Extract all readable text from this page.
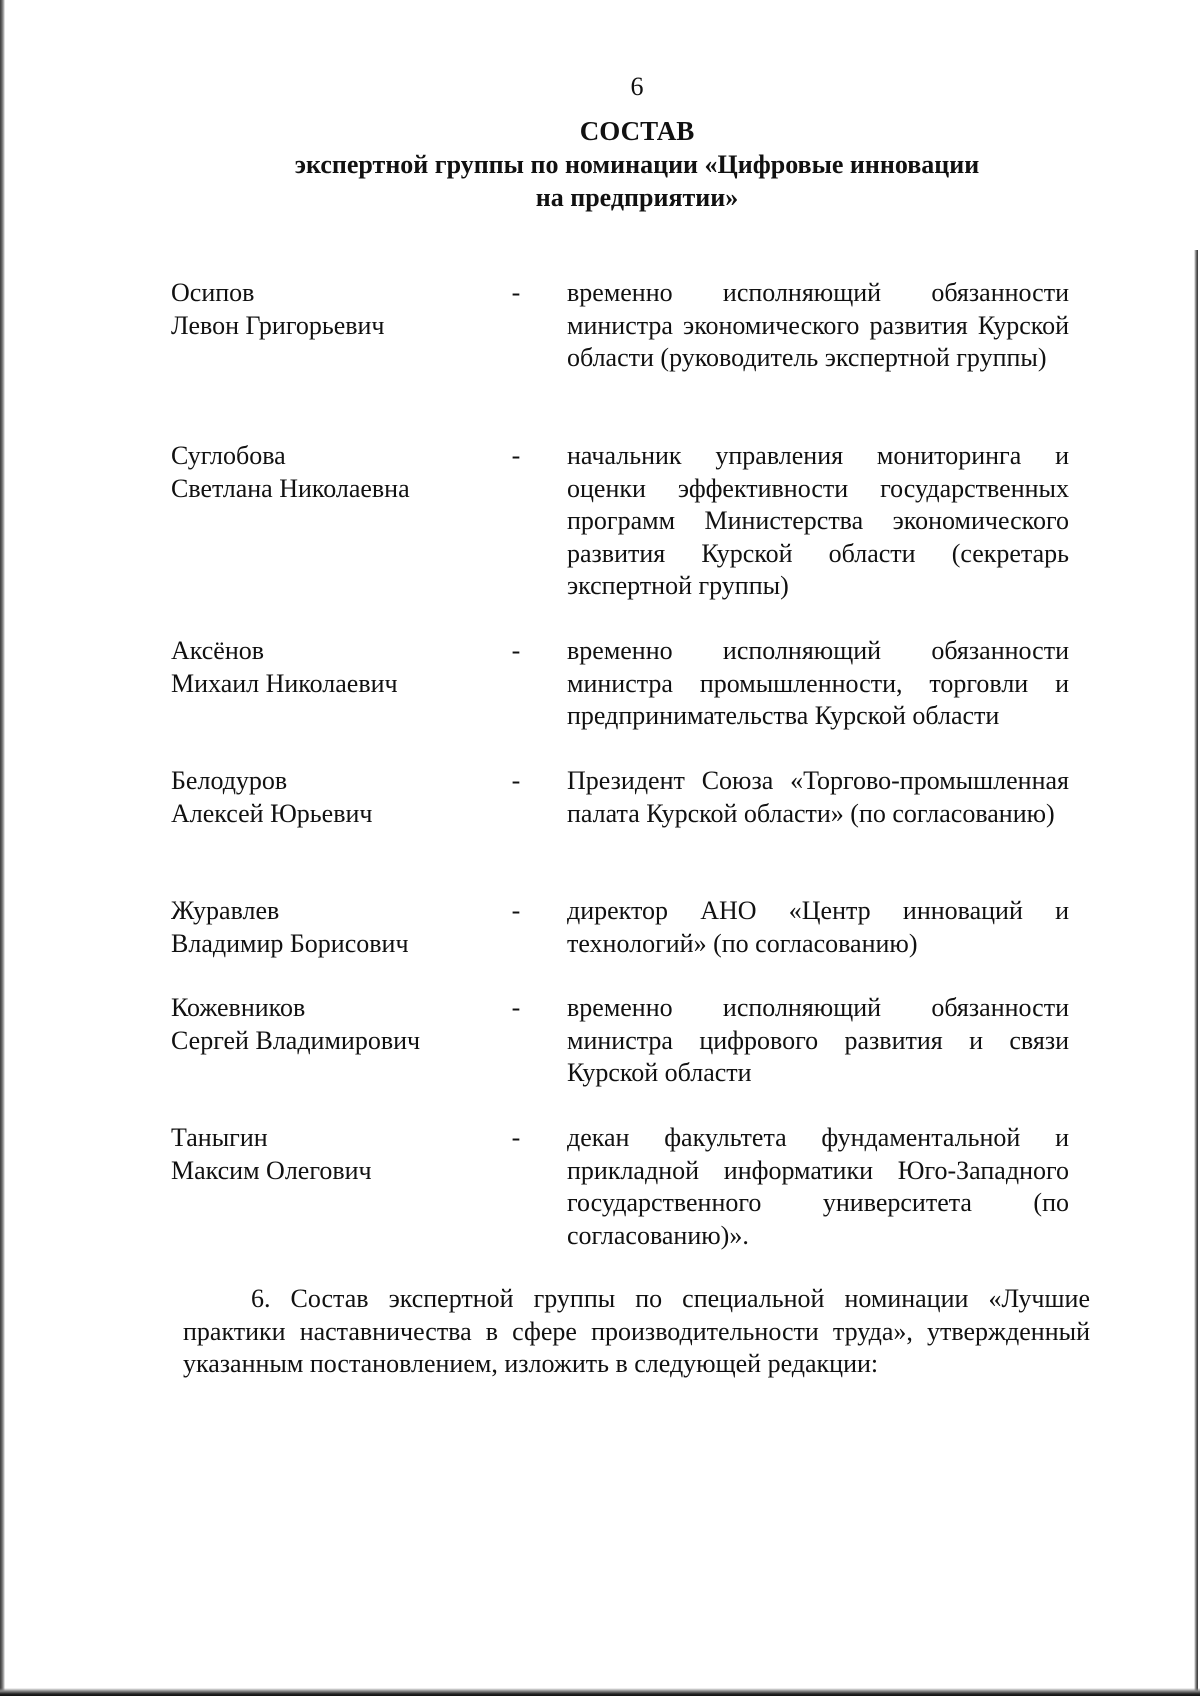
6
СОСТАВ
экспертной группы по номинации «Цифровые инновации
на предприятии»
Осипов
Левон Григорьевич
- временно исполняющий обязанности министра экономического развития Курской области (руководитель экспертной группы)
Суглобова
Светлана Николаевна
- начальник управления мониторинга и оценки эффективности государственных программ Министерства экономического развития Курской области (секретарь экспертной группы)
Аксёнов
Михаил Николаевич
- временно исполняющий обязанности министра промышленности, торговли и предпринимательства Курской области
Белодуров
Алексей Юрьевич
- Президент Союза «Торгово-промышленная палата Курской области» (по согласованию)
Журавлев
Владимир Борисович
- директор АНО «Центр инноваций и технологий» (по согласованию)
Кожевников
Сергей Владимирович
- временно исполняющий обязанности министра цифрового развития и связи Курской области
Таныгин
Максим Олегович
- декан факультета фундаментальной и прикладной информатики Юго-Западного государственного университета (по согласованию)».
6. Состав экспертной группы по специальной номинации «Лучшие практики наставничества в сфере производительности труда», утвержденный указанным постановлением, изложить в следующей редакции:
